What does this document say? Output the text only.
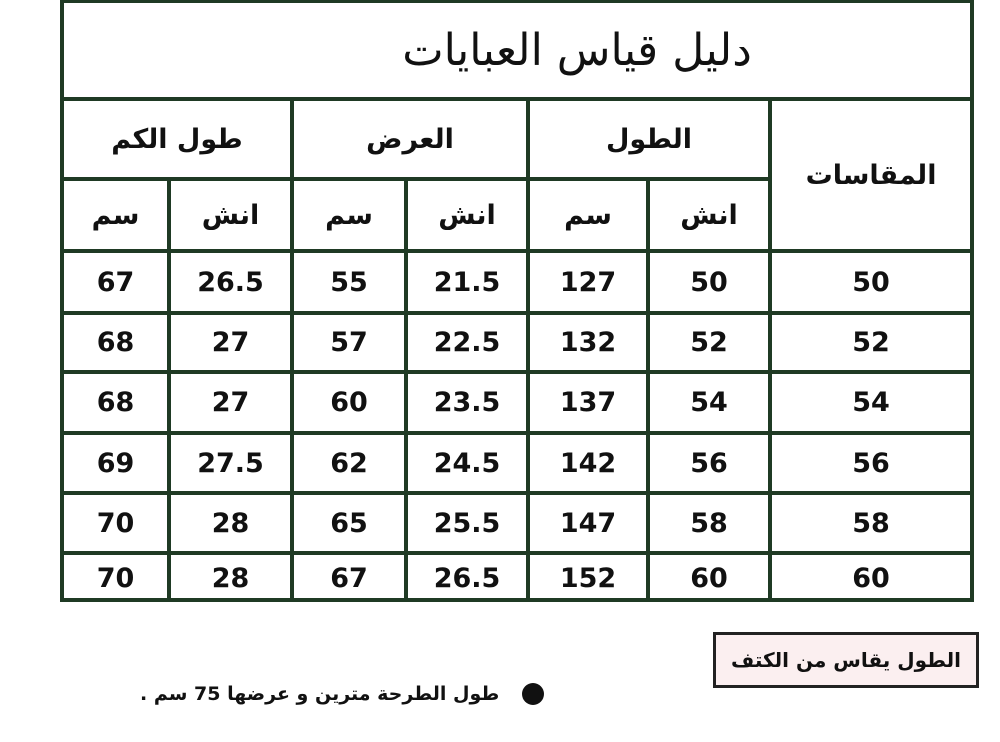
دليل قياس العبايات
طول الكم	العرض	الطول
المقاسات
سم	انش	سم	انش	سم	انش
67	26.5	55	21.5	127	50	50
68	27	57	22.5	132	52	52
68	27	60	23.5	137	54	54
69	27.5	62	24.5	142	56	56
70	28	65	25.5	147	58	58
70	28	67	26.5	152	60	60
الطول يقاس من الكتف
طول الطرحة مترين و عرضها 75 سم .
